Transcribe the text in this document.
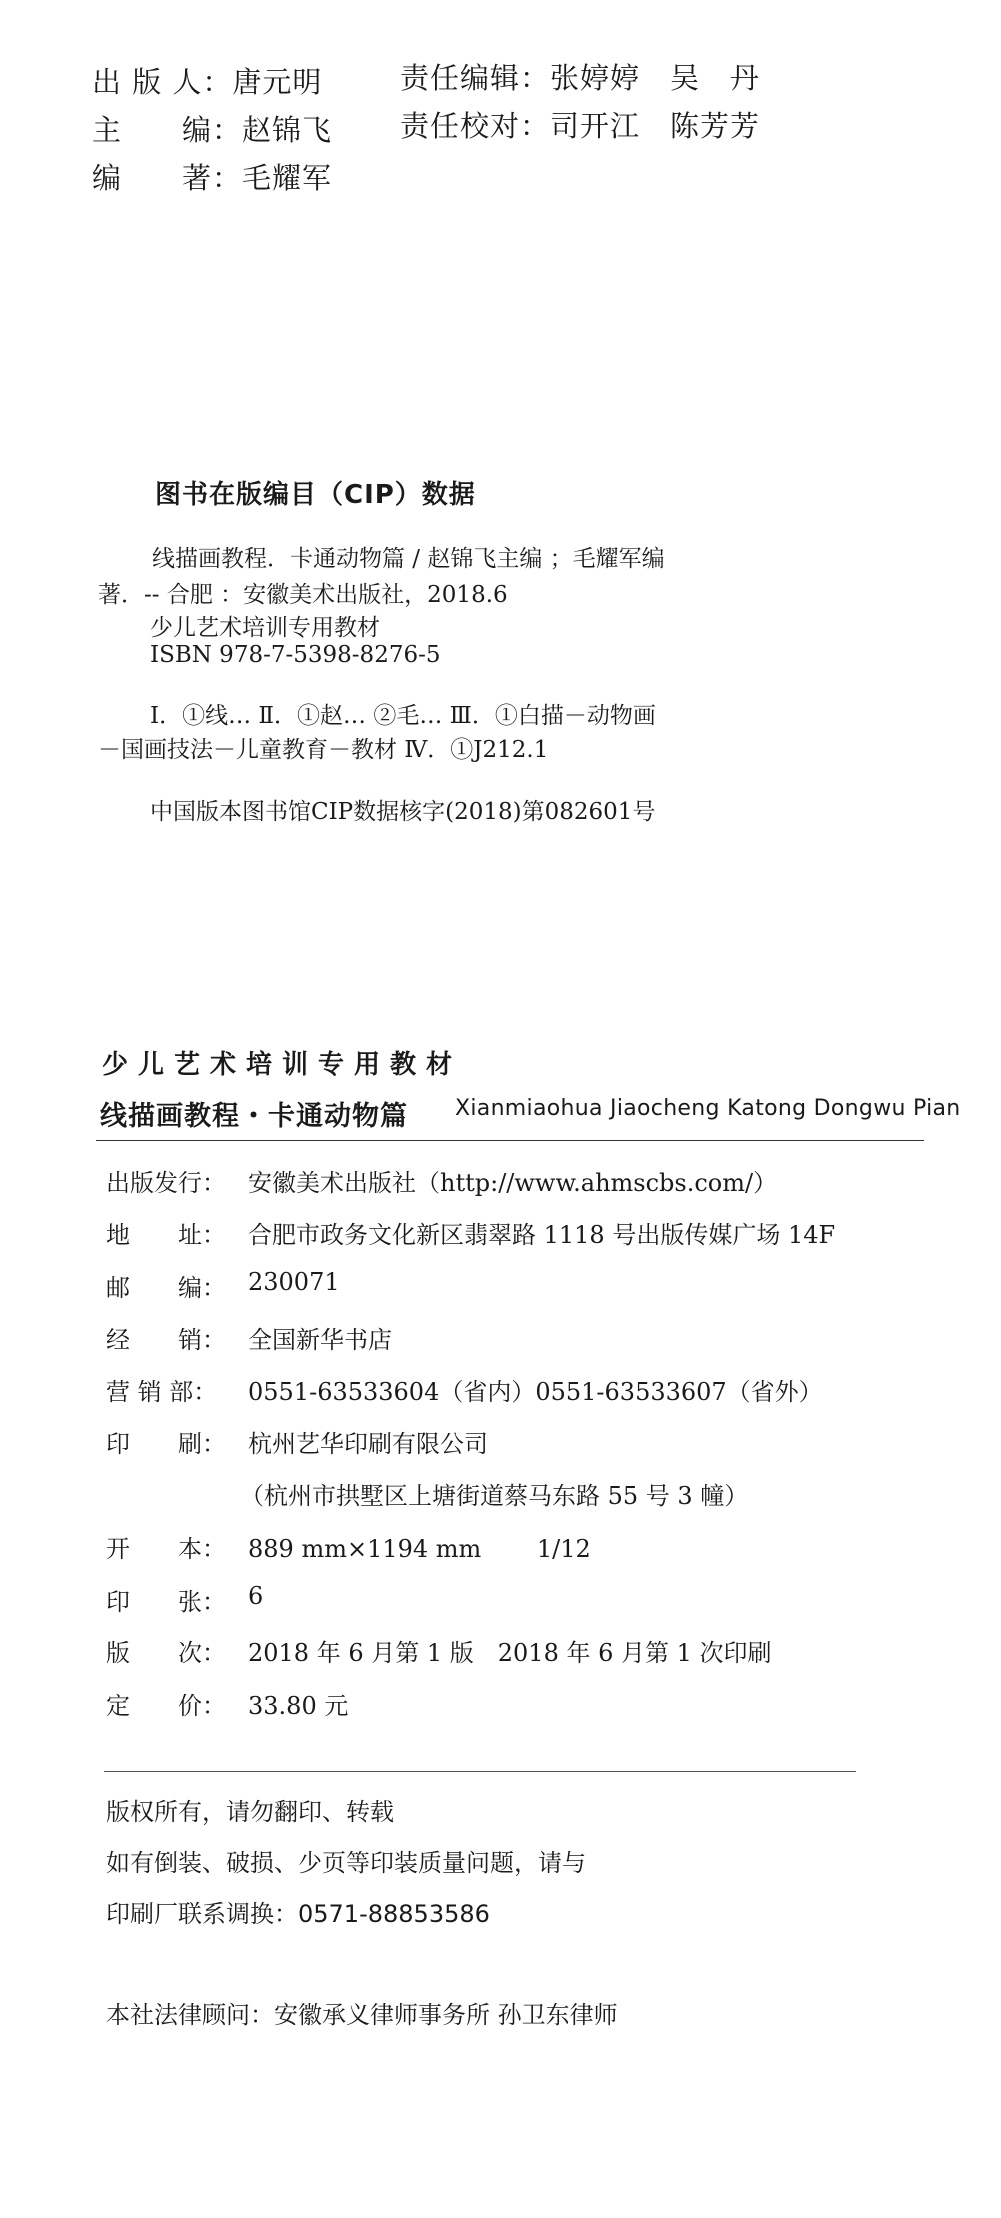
出 版 人：唐元明
主　　编：赵锦飞
编　　著：毛耀军
责任编辑：张婷婷　吴　丹
责任校对：司开江　陈芳芳
图书在版编目（CIP）数据
线描画教程．卡通动物篇 / 赵锦飞主编 ；毛耀军编
著．-- 合肥 ：安徽美术出版社，2018.6
少儿艺术培训专用教材
ISBN 978-7-5398-8276-5
Ⅰ．①线… Ⅱ．①赵… ②毛… Ⅲ．①白描－动物画
－国画技法－儿童教育－教材 Ⅳ．①J212.1
中国版本图书馆CIP数据核字(2018)第082601号
少儿艺术培训专用教材
线描画教程・卡通动物篇 Xianmiaohua Jiaocheng Katong Dongwu Pian
出版发行： 安徽美术出版社（http://www.ahmscbs.com/）
地　　址： 合肥市政务文化新区翡翠路 1118 号出版传媒广场 14F
邮　　编： 230071
经　　销： 全国新华书店
营 销 部： 0551-63533604（省内）0551-63533607（省外）
印　　刷： 杭州艺华印刷有限公司
（杭州市拱墅区上塘街道蔡马东路 55 号 3 幢）
开　　本： 889 mm×1194 mm　　 1/12
印　　张： 6
版　　次： 2018 年 6 月第 1 版　2018 年 6 月第 1 次印刷
定　　价： 33.80 元
版权所有，请勿翻印、转载
如有倒装、破损、少页等印装质量问题，请与
印刷厂联系调换：0571-88853586
本社法律顾问：安徽承义律师事务所 孙卫东律师
